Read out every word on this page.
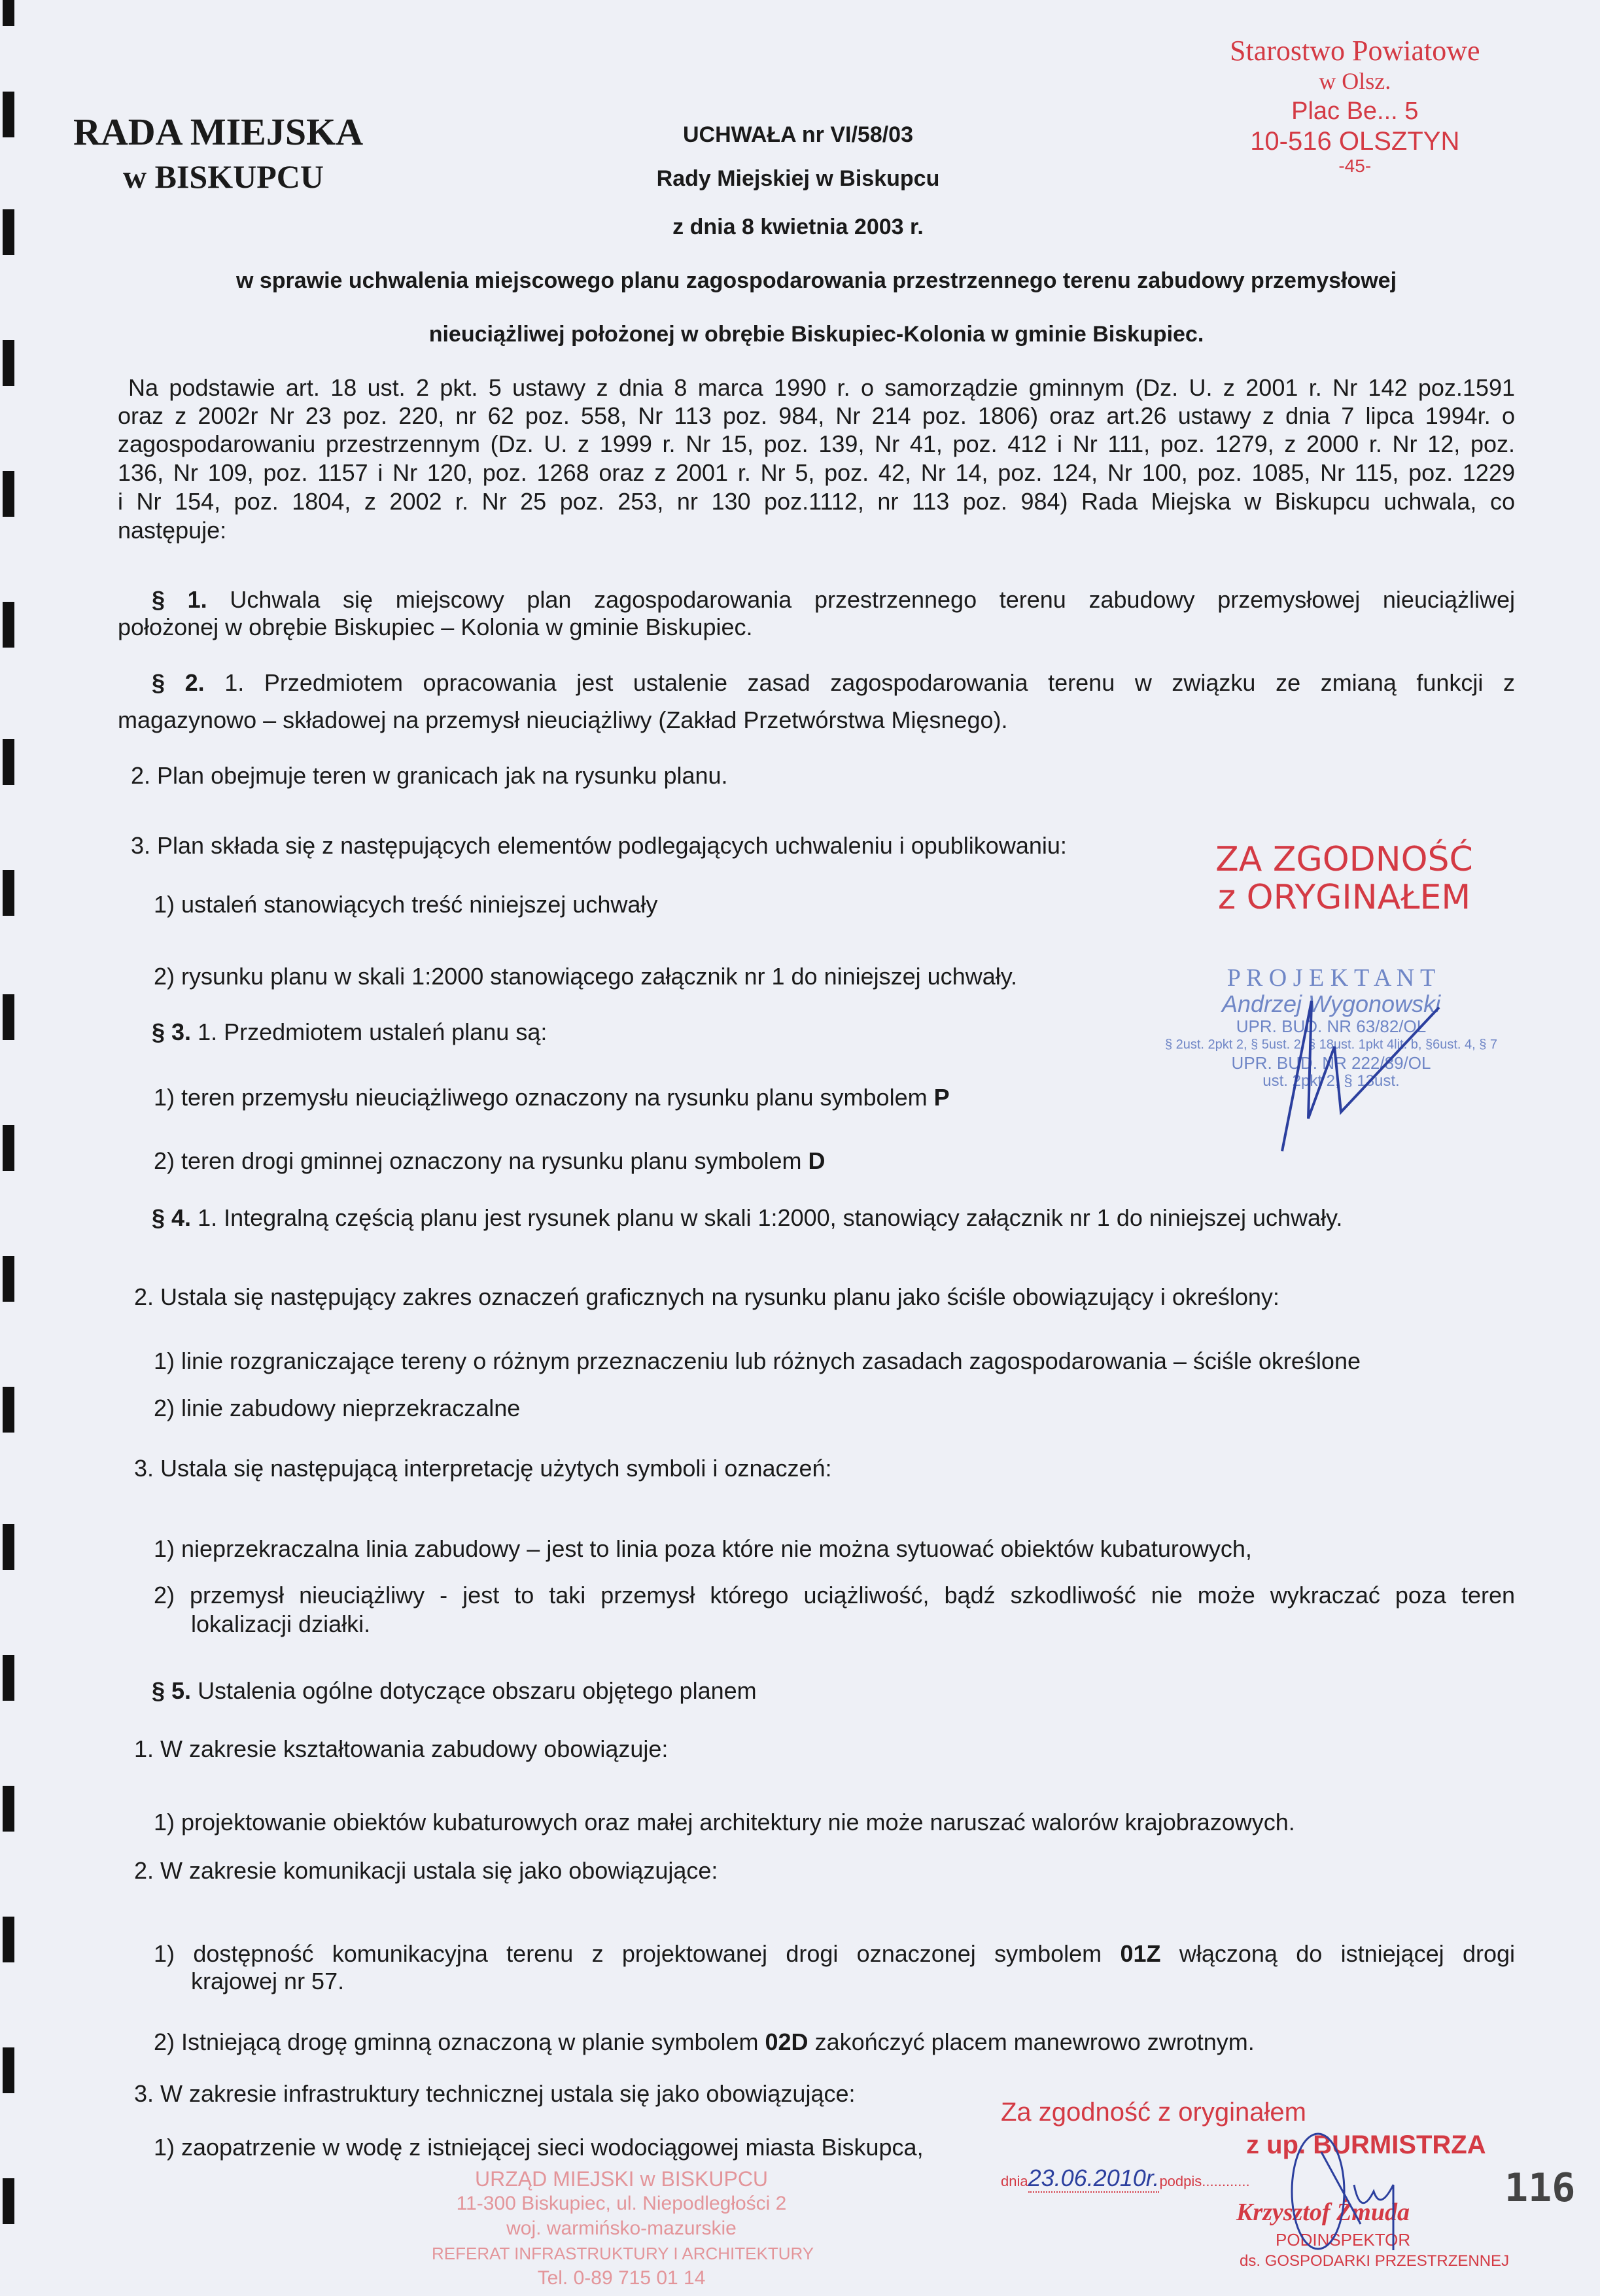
RADA MIEJSKA
w BISKUPCU
UCHWAŁA nr VI/58/03
Rady Miejskiej w Biskupcu
z dnia 8 kwietnia 2003 r.
w sprawie uchwalenia miejscowego planu zagospodarowania przestrzennego terenu zabudowy przemysłowej
nieuciążliwej położonej w obrębie Biskupiec-Kolonia w gminie Biskupiec.
Na podstawie art. 18 ust. 2 pkt. 5 ustawy z dnia 8 marca 1990 r. o samorządzie gminnym (Dz. U. z 2001 r. Nr 142 poz.1591
oraz z 2002r Nr 23 poz. 220, nr 62 poz. 558, Nr 113 poz. 984, Nr 214 poz. 1806) oraz art.26 ustawy z dnia 7 lipca 1994r. o
zagospodarowaniu przestrzennym (Dz. U. z 1999 r. Nr 15, poz. 139, Nr 41, poz. 412 i Nr 111, poz. 1279, z 2000 r. Nr 12, poz.
136, Nr 109, poz. 1157 i Nr 120, poz. 1268 oraz z 2001 r. Nr 5, poz. 42, Nr 14, poz. 124, Nr 100, poz. 1085, Nr 115, poz. 1229
i Nr 154, poz. 1804, z 2002 r. Nr 25 poz. 253, nr 130 poz.1112, nr 113 poz. 984) Rada Miejska w Biskupcu uchwala, co
następuje:
§ 1. Uchwala się miejscowy plan zagospodarowania przestrzennego terenu zabudowy przemysłowej nieuciążliwej
położonej w obrębie Biskupiec – Kolonia w gminie Biskupiec.
§ 2. 1. Przedmiotem opracowania jest ustalenie zasad zagospodarowania terenu w związku ze zmianą funkcji z
magazynowo – składowej na przemysł nieuciążliwy (Zakład Przetwórstwa Mięsnego).
2. Plan obejmuje teren w granicach jak na rysunku planu.
3. Plan składa się z następujących elementów podlegających uchwaleniu i opublikowaniu:
1) ustaleń stanowiących treść niniejszej uchwały
2) rysunku planu w skali 1:2000 stanowiącego załącznik nr 1 do niniejszej uchwały.
§ 3. 1. Przedmiotem ustaleń planu są:
1) teren przemysłu nieuciążliwego oznaczony na rysunku planu symbolem P
2) teren drogi gminnej oznaczony na rysunku planu symbolem D
§ 4. 1. Integralną częścią planu jest rysunek planu w skali 1:2000, stanowiący załącznik nr 1 do niniejszej uchwały.
2. Ustala się następujący zakres oznaczeń graficznych na rysunku planu jako ściśle obowiązujący i określony:
1) linie rozgraniczające tereny o różnym przeznaczeniu lub różnych zasadach zagospodarowania – ściśle określone
2) linie zabudowy nieprzekraczalne
3. Ustala się następującą interpretację użytych symboli i oznaczeń:
1) nieprzekraczalna linia zabudowy – jest to linia poza które nie można sytuować obiektów kubaturowych,
2) przemysł nieuciążliwy - jest to taki przemysł którego uciążliwość, bądź szkodliwość nie może wykraczać poza teren
lokalizacji działki.
§ 5. Ustalenia ogólne dotyczące obszaru objętego planem
1. W zakresie kształtowania zabudowy obowiązuje:
1) projektowanie obiektów kubaturowych oraz małej architektury nie może naruszać walorów krajobrazowych.
2. W zakresie komunikacji ustala się jako obowiązujące:
1) dostępność komunikacyjna terenu z projektowanej drogi oznaczonej symbolem 01Z włączoną do istniejącej drogi
krajowej nr 57.
2) Istniejącą drogę gminną oznaczoną w planie symbolem 02D zakończyć placem manewrowo zwrotnym.
3. W zakresie infrastruktury technicznej ustala się jako obowiązujące:
1) zaopatrzenie w wodę z istniejącej sieci wodociągowej miasta Biskupca,
Starostwo Powiatowe
w Olsz.
Plac Be... 5
10-516 OLSZTYN
-45-
ZA ZGODNOŚĆ
z ORYGINAŁEM
P R O J E K T A N T
Andrzej Wygonowski
UPR. BUD. NR 63/82/OL
§ 2ust. 2pkt 2, § 5ust. 2, § 18ust. 1pkt 4lit. b, §6ust. 4, § 7
UPR. BUD. NR 222/89/OL
ust. 2pkt 2, § 13ust.
URZĄD MIEJSKI w BISKUPCU
11-300 Biskupiec, ul. Niepodległości 2
woj. warmińsko-mazurskie
REFERAT INFRASTRUKTURY I ARCHITEKTURY
Tel. 0-89 715 01 14
Za zgodność z oryginałem
z up. BURMISTRZA
dnia23.06.2010r.podpis............
Krzysztof Żmuda
PODINSPEKTOR
ds. GOSPODARKI PRZESTRZENNEJ
116
